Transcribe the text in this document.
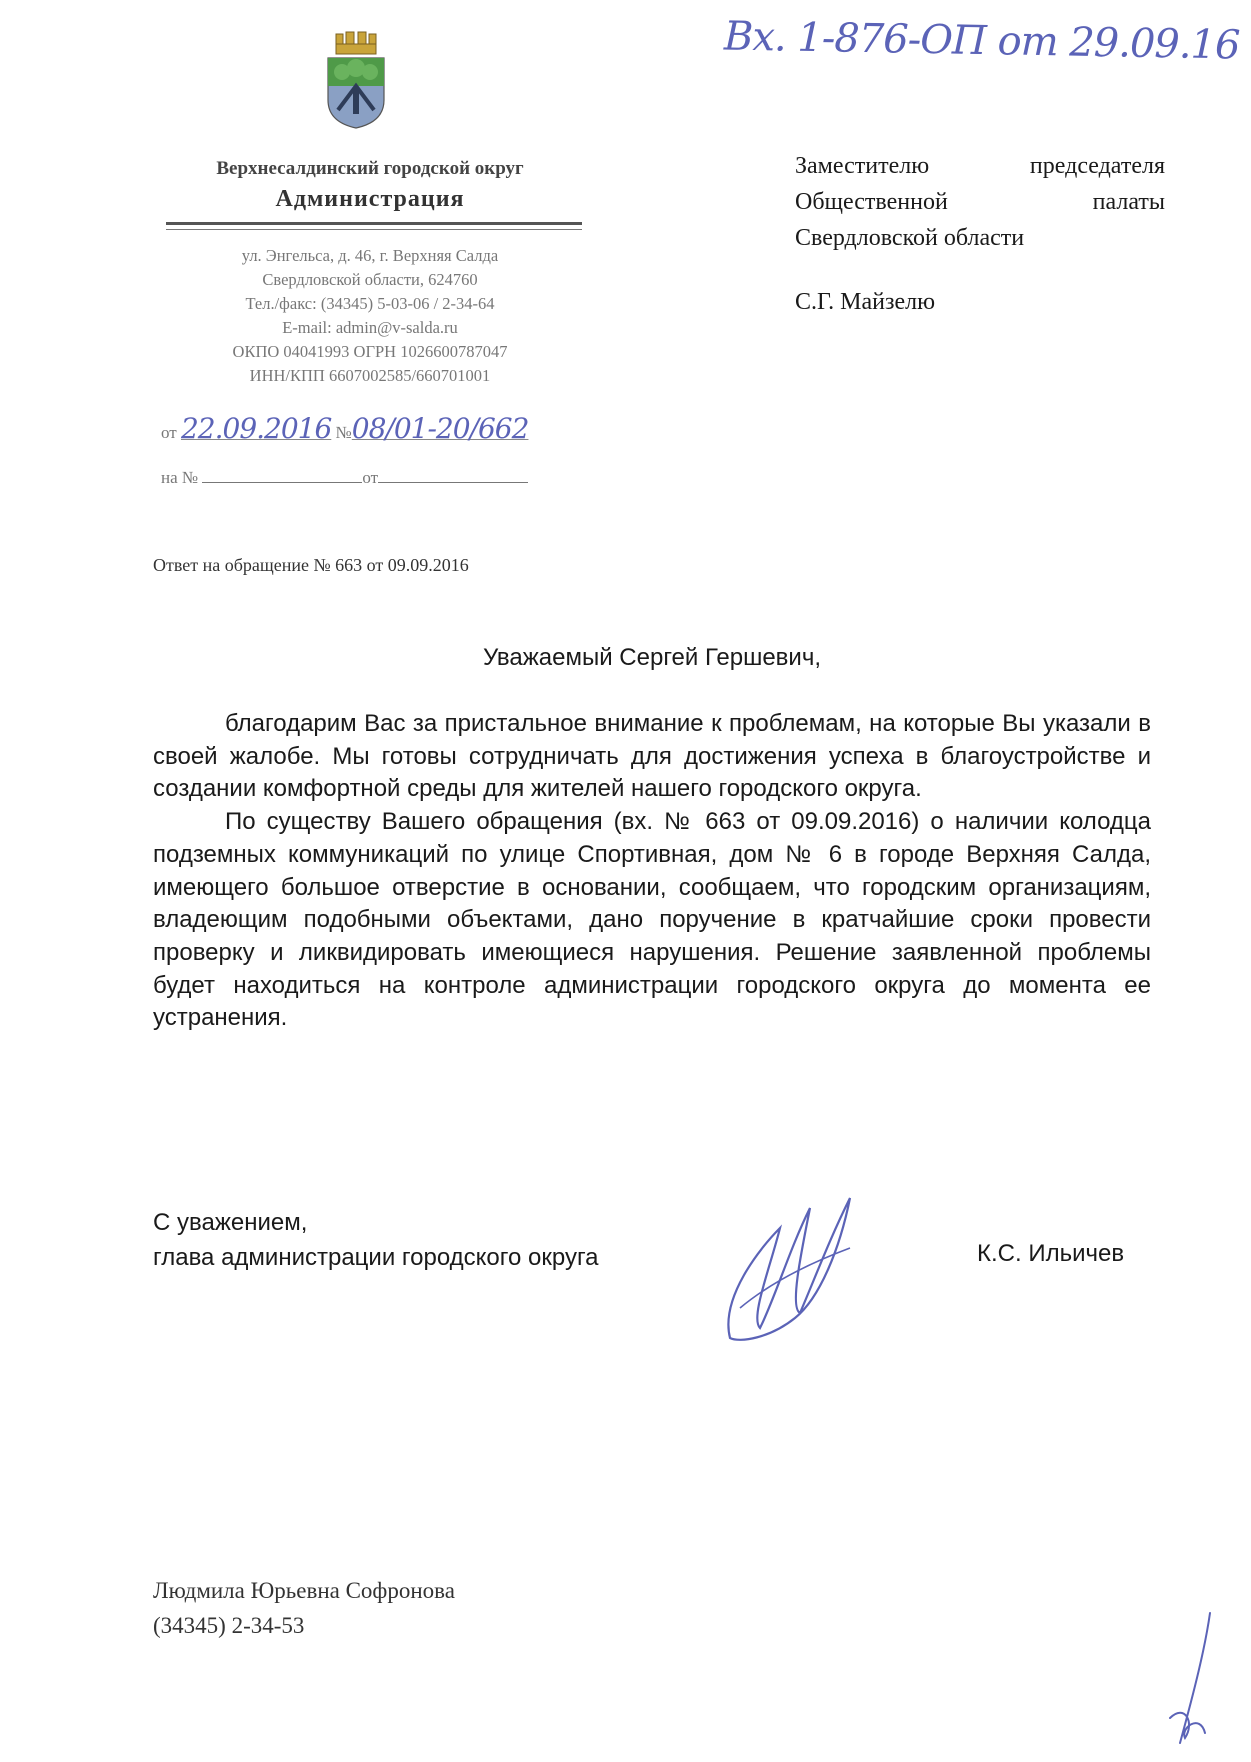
Вх. 1-876-ОП от 29.09.16
Верхнесалдинский городской округ
Администрация
ул. Энгельса, д. 46, г. Верхняя Салда
Свердловской области, 624760
Тел./факс: (34345) 5-03-06 / 2-34-64
E-mail: admin@v-salda.ru
ОКПО 04041993 ОГРН 1026600787047
ИНН/КПП 6607002585/660701001
от 22.09.2016 №08/01-20/662
на №	от
Заместителю	председателя
Общественной	палаты
Свердловской области
С.Г. Майзелю
Ответ на обращение № 663 от 09.09.2016
Уважаемый Сергей Гершевич,

благодарим Вас за пристальное внимание к проблемам, на которые Вы указали в своей жалобе. Мы готовы сотрудничать для достижения успеха в благоустройстве и создании комфортной среды для жителей нашего городского округа.

По существу Вашего обращения (вх. № 663 от 09.09.2016) о наличии колодца подземных коммуникаций по улице Спортивная, дом № 6 в городе Верхняя Салда, имеющего большое отверстие в основании, сообщаем, что городским организациям, владеющим подобными объектами, дано поручение в кратчайшие сроки провести проверку и ликвидировать имеющиеся нарушения. Решение заявленной проблемы будет находиться на контроле администрации городского округа до момента ее устранения.

С уважением,
глава администрации городского округа	К.С. Ильичев
Людмила Юрьевна Софронова
(34345) 2-34-53
